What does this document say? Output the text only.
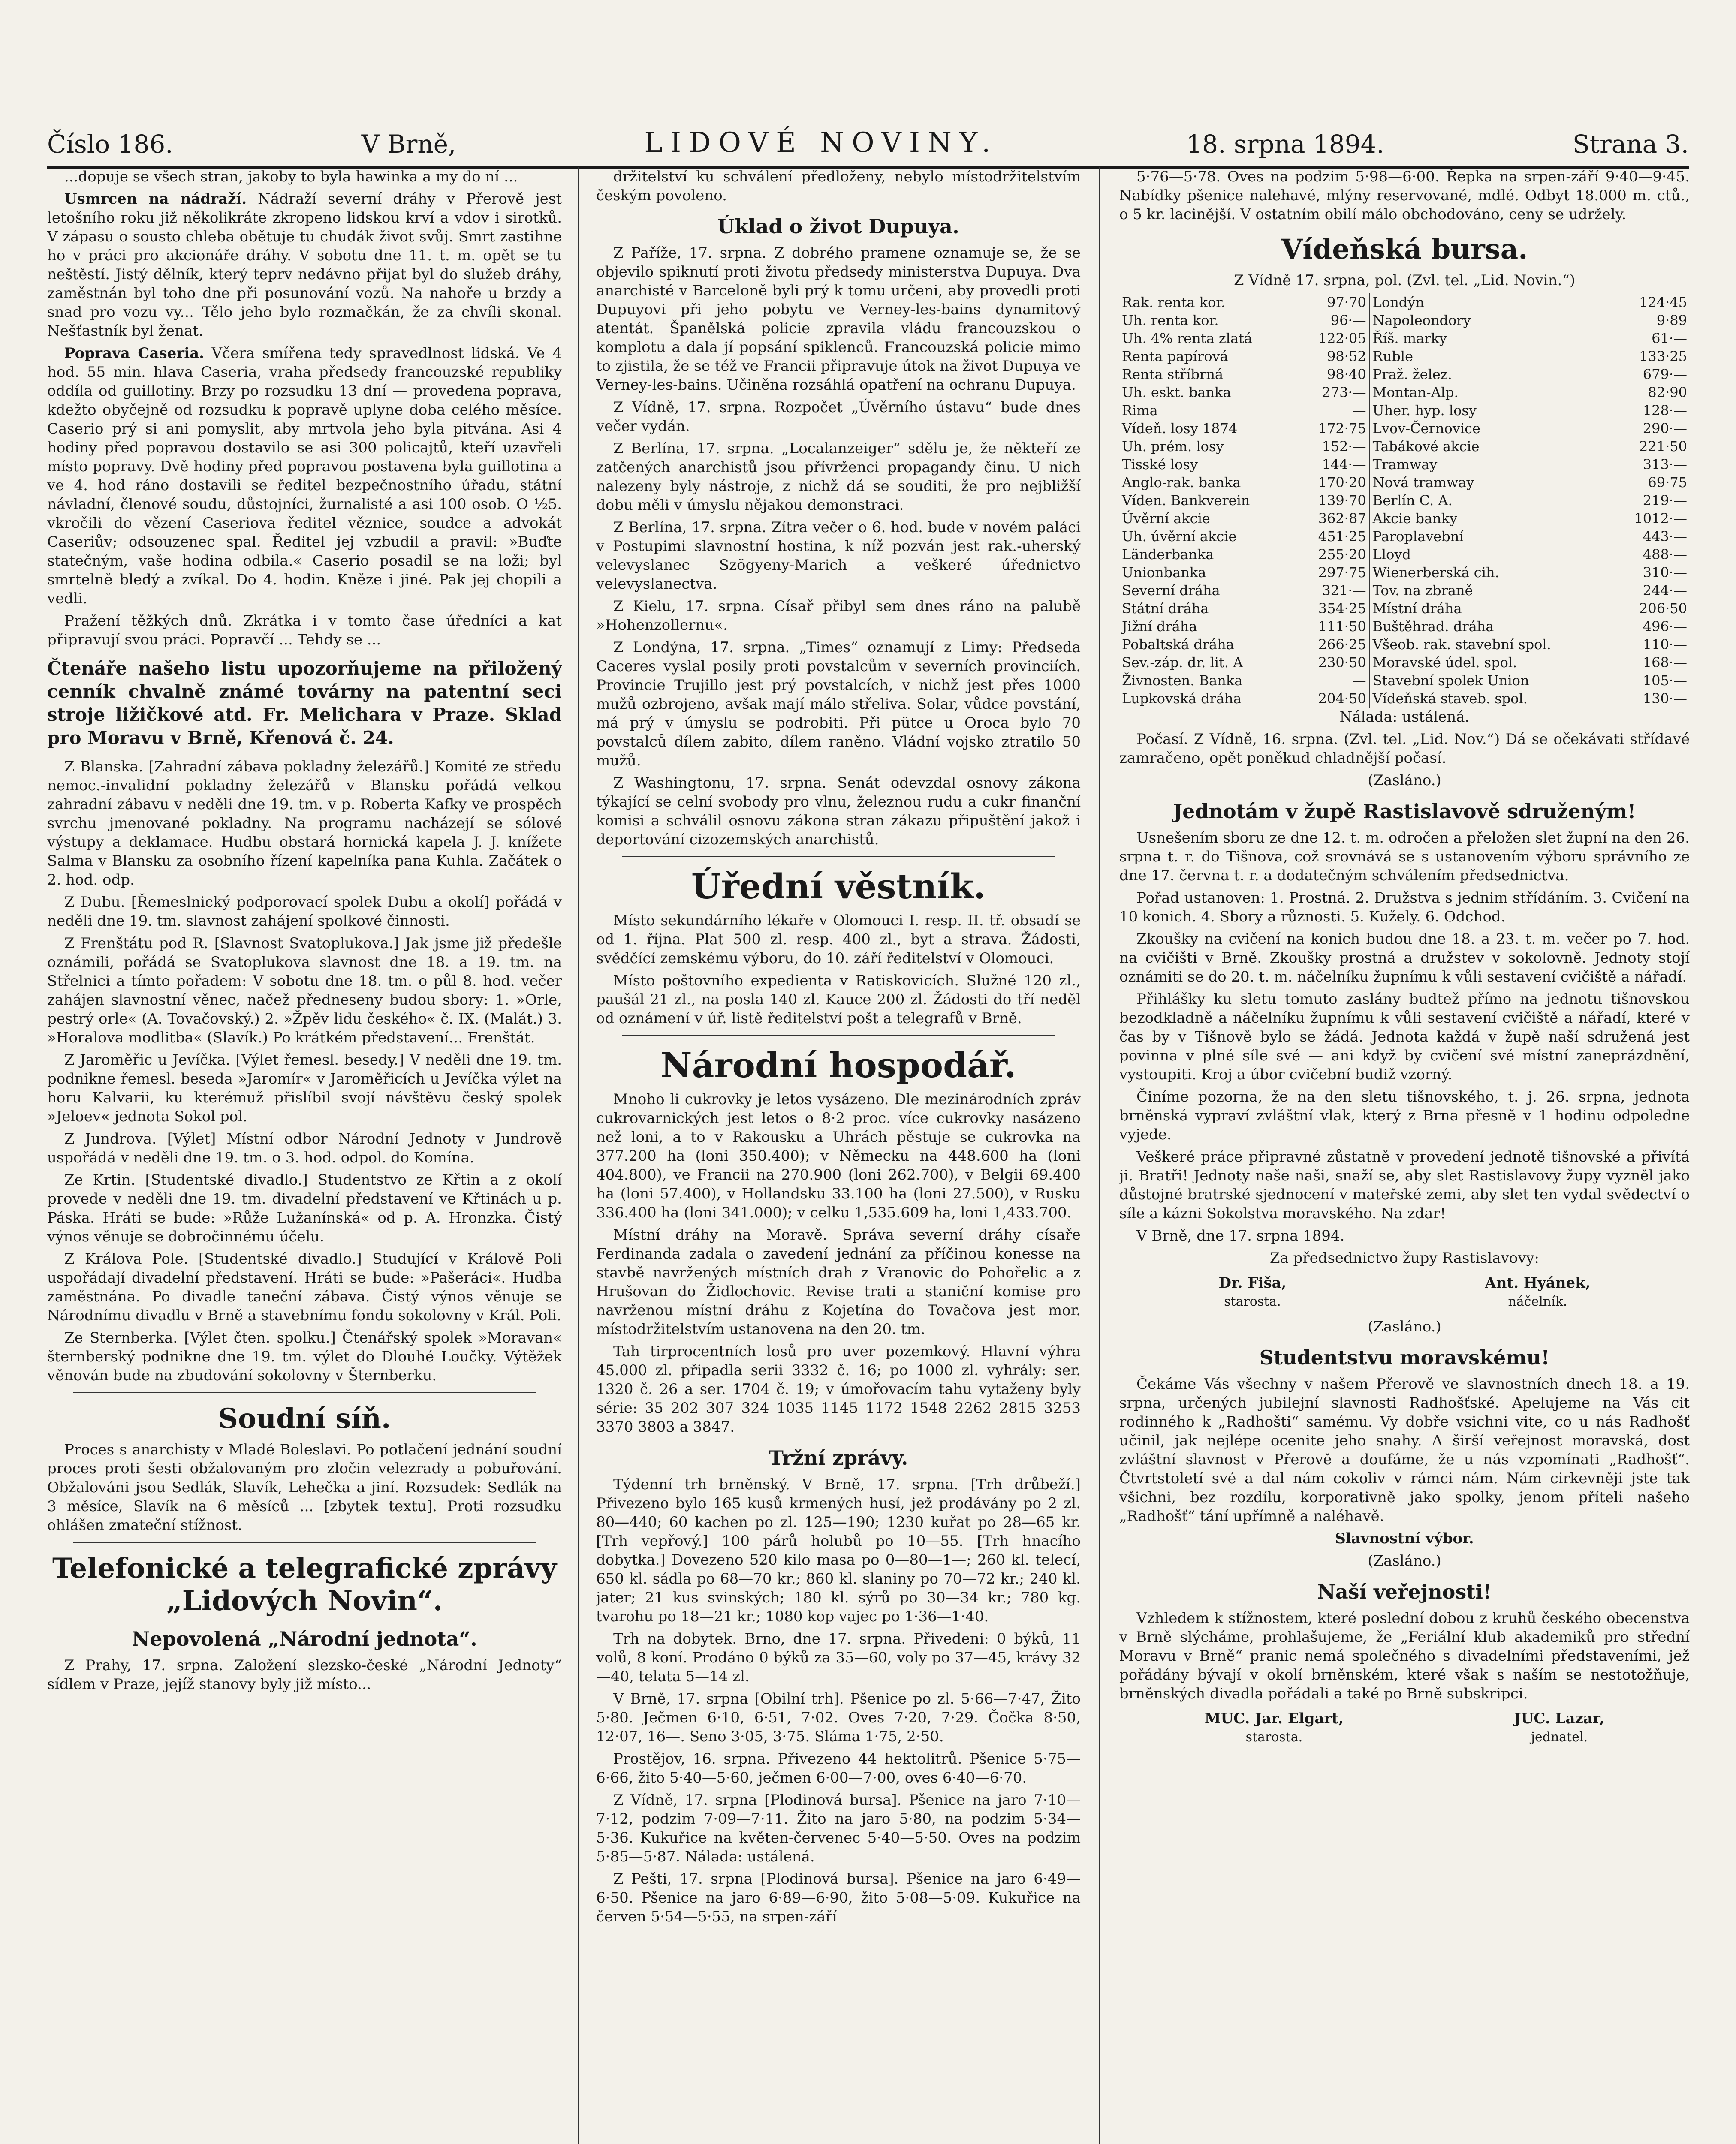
Číslo 186.	V Brně,	LIDOVÉ NOVINY.	18. srpna 1894.	Strana 3.

...dopuje se všech stran, jakoby to byla hawinka a my do ní ...

Usmrcen na nádraží. Nádraží severní dráhy v Přerově jest letošního roku již několikráte zkropeno lidskou krví a vdov i sirotků. V zápasu o sousto chleba obětuje tu chudák život svůj. Smrt zastihne ho v práci pro akcionáře dráhy. V sobotu dne 11. t. m. opět se tu neštěstí. Jistý dělník, který teprv nedávno přijat byl do služeb dráhy, zaměstnán byl toho dne při posunování vozů. Na nahoře u brzdy a snad pro vozu vy... Tělo jeho bylo rozmačkán, že za chvíli skonal. Nešťastník byl ženat.

Poprava Caseria. Včera smířena tedy spravedlnost lidská. Ve 4 hod. 55 min. hlava Caseria, vraha předsedy francouzské republiky oddíla od guillotiny. Brzy po rozsudku 13 dní — provedena poprava, kdežto obyčejně od rozsudku k popravě uplyne doba celého měsíce. Caserio prý si ani pomyslit, aby mrtvola jeho byla pitvána. Asi 4 hodiny před popravou dostavilo se asi 300 policajtů, kteří uzavřeli místo popravy. Dvě hodiny před popravou postavena byla guillotina a ve 4. hod ráno dostavili se ředitel bezpečnostního úřadu, státní návladní, členové soudu, důstojníci, žurnalisté a asi 100 osob. O ½5. vkročili do vězení Caseriova ředitel věznice, soudce a advokát Caseriův; odsouzenec spal. Ředitel jej vzbudil a pravil: »Buďte statečným, vaše hodina odbila.« Caserio posadil se na loži; byl smrtelně bledý a zvíkal. Do 4. hodin. Kněze i jiné. Pak jej chopili a vedli.

Pražení těžkých dnů. Zkrátka i v tomto čase úředníci a kat připravují svou práci. Popravčí ... Tehdy se ...

Čtenáře našeho listu upozorňujeme na přiložený cenník chvalně známé továrny na patentní seci stroje ližičkové atd. Fr. Melichara v Praze. Sklad pro Moravu v Brně, Křenová č. 24.

Z Blanska. [Zahradní zábava pokladny železářů.] Komité ze středu nemoc.-invalidní pokladny železářů v Blansku pořádá velkou zahradní zábavu v neděli dne 19. tm. v p. Roberta Kafky ve prospěch svrchu jmenované pokladny. Na programu nacházejí se sólové výstupy a deklamace. Hudbu obstará hornická kapela J. J. knížete Salma v Blansku za osobního řízení kapelníka pana Kuhla. Začátek o 2. hod. odp.

Z Dubu. [Řemeslnický podporovací spolek Dubu a okolí] pořádá v neděli dne 19. tm. slavnost zahájení spolkové činnosti.

Z Frenštátu pod R. [Slavnost Svatoplukova.] Jak jsme již předešle oznámili, pořádá se Svatoplukova slavnost dne 18. a 19. tm. na Střelnici a tímto pořadem: V sobotu dne 18. tm. o půl 8. hod. večer zahájen slavnostní věnec, načež předneseny budou sbory: 1. »Orle, pestrý orle« (A. Tovačovský.) 2. »Žpěv lidu českého« č. IX. (Malát.) 3. »Horalova modlitba« (Slavík.) Po krátkém představení... Frenštát.

Z Jaroměřic u Jevíčka. [Výlet řemesl. besedy.] V neděli dne 19. tm. podnikne řemesl. beseda »Jaromír« v Jaroměřicích u Jevíčka výlet na horu Kalvarii, ku kterémuž přislíbil svojí návštěvu český spolek »Jeloev« jednota Sokol pol.

Z Jundrova. [Výlet] Místní odbor Národní Jednoty v Jundrově uspořádá v neděli dne 19. tm. o 3. hod. odpol. do Komína.

Ze Krtin. [Studentské divadlo.] Studentstvo ze Křtin a z okolí provede v neděli dne 19. tm. divadelní představení ve Křtinách u p. Páska. Hráti se bude: »Růže Lužanínská« od p. A. Hronzka. Čistý výnos věnuje se dobročinnému účelu.

Z Králova Pole. [Studentské divadlo.] Studující v Králově Poli uspořádají divadelní představení. Hráti se bude: »Pašeráci«. Hudba zaměstnána. Po divadle taneční zábava. Čistý výnos věnuje se Národnímu divadlu v Brně a stavebnímu fondu sokolovny v Král. Poli.

Ze Sternberka. [Výlet čten. spolku.] Čtenářský spolek »Moravan« šternberský podnikne dne 19. tm. výlet do Dlouhé Loučky. Výtěžek věnován bude na zbudování sokolovny v Šternberku.

Soudní síň.

Proces s anarchisty v Mladé Boleslavi. Po potlačení jednání soudní proces proti šesti obžalovaným pro zločin velezrady a pobuřování. Obžalováni jsou Sedlák, Slavík, Lehečka a jiní. Rozsudek: Sedlák na 3 měsíce, Slavík na 6 měsíců ... [zbytek textu]. Proti rozsudku ohlášen zmateční stížnost.

Telefonické a telegrafické zprávy „Lidových Novin“.
Nepovolená „Národní jednota“.

Z Prahy, 17. srpna. Založení slezsko-české „Národní Jednoty“ sídlem v Praze, jejíž stanovy byly již místo...

držitelství ku schválení předloženy, nebylo místodržitelstvím českým povoleno.

Úklad o život Dupuya.

Z Paříže, 17. srpna. Z dobrého pramene oznamuje se, že se objevilo spiknutí proti životu předsedy ministerstva Dupuya. Dva anarchisté v Barceloně byli prý k tomu určeni, aby provedli proti Dupuyovi při jeho pobytu ve Verney-les-bains dynamitový atentát. Španělská policie zpravila vládu francouzskou o komplotu a dala jí popsání spiklenců. Francouzská policie mimo to zjistila, že se též ve Francii připravuje útok na život Dupuya ve Verney-les-bains. Učiněna rozsáhlá opatření na ochranu Dupuya.

Z Vídně, 17. srpna. Rozpočet „Úvěrního ústavu“ bude dnes večer vydán.

Z Berlína, 17. srpna. „Localanzeiger“ sdělu je, že někteří ze zatčených anarchistů jsou přívrženci propagandy činu. U nich nalezeny byly nástroje, z nichž dá se souditi, že pro nejbližší dobu měli v úmyslu nějakou demonstraci.

Z Berlína, 17. srpna. Zítra večer o 6. hod. bude v novém paláci v Postupimi slavnostní hostina, k níž pozván jest rak.-uherský velevyslanec Szögyeny-Marich a veškeré úřednictvo velevyslanectva.

Z Kielu, 17. srpna. Císař přibyl sem dnes ráno na palubě »Hohenzollernu«.

Z Londýna, 17. srpna. „Times“ oznamují z Limy: Předseda Caceres vyslal posily proti povstalcům v severních provinciích. Provincie Trujillo jest prý povstalcích, v nichž jest přes 1000 mužů ozbrojeno, avšak mají málo střeliva. Solar, vůdce povstání, má prý v úmyslu se podrobiti. Při pütce u Oroca bylo 70 povstalců dílem zabito, dílem raněno. Vládní vojsko ztratilo 50 mužů.

Z Washingtonu, 17. srpna. Senát odevzdal osnovy zákona týkající se celní svobody pro vlnu, železnou rudu a cukr finanční komisi a schválil osnovu zákona stran zákazu připuštění jakož i deportování cizozemských anarchistů.

Úřední věstník.

Místo sekundárního lékaře v Olomouci I. resp. II. tř. obsadí se od 1. října. Plat 500 zl. resp. 400 zl., byt a strava. Žádosti, svědčící zemskému výboru, do 10. září ředitelství v Olomouci.

Místo poštovního expedienta v Ratiskovicích. Služné 120 zl., paušál 21 zl., na posla 140 zl. Kauce 200 zl. Žádosti do tří neděl od oznámení v úř. listě ředitelství pošt a telegrafů v Brně.

Národní hospodář.

Mnoho li cukrovky je letos vysázeno. Dle mezinárodních zpráv cukrovarnických jest letos o 8·2 proc. více cukrovky nasázeno než loni, a to v Rakousku a Uhrách pěstuje se cukrovka na 377.200 ha (loni 350.400); v Německu na 448.600 ha (loni 404.800), ve Francii na 270.900 (loni 262.700), v Belgii 69.400 ha (loni 57.400), v Hollandsku 33.100 ha (loni 27.500), v Rusku 336.400 ha (loni 341.000); v celku 1,535.609 ha, loni 1,433.700.

Místní dráhy na Moravě. Správa severní dráhy císaře Ferdinanda zadala o zavedení jednání za příčinou konesse na stavbě navržených místních drah z Vranovic do Pohořelic a z Hrušovan do Židlochovic. Revise trati a staniční komise pro navrženou místní dráhu z Kojetína do Tovačova jest mor. místodržitelstvím ustanovena na den 20. tm.

Tah tirprocentních losů pro uver pozemkový. Hlavní výhra 45.000 zl. připadla serii 3332 č. 16; po 1000 zl. vyhrály: ser. 1320 č. 26 a ser. 1704 č. 19; v úmořovacím tahu vytaženy byly série: 35 202 307 324 1035 1145 1172 1548 2262 2815 3253 3370 3803 a 3847.

Tržní zprávy.

Týdenní trh brněnský. V Brně, 17. srpna. [Trh drůbeží.] Přivezeno bylo 165 kusů krmených husí, jež prodávány po 2 zl. 80—440; 60 kachen po zl. 125—190; 1230 kuřat po 28—65 kr. [Trh vepřový.] 100 párů holubů po 10—55. [Trh hnacího dobytka.] Dovezeno 520 kilo masa po 0—80—1—; 260 kl. telecí, 650 kl. sádla po 68—70 kr.; 860 kl. slaniny po 70—72 kr.; 240 kl. jater; 21 kus svinských; 180 kl. sýrů po 30—34 kr.; 780 kg. tvarohu po 18—21 kr.; 1080 kop vajec po 1·36—1·40.

Trh na dobytek. Brno, dne 17. srpna. Přivedeni: 0 býků, 11 volů, 8 koní. Prodáno 0 býků za 35—60, voly po 37—45, krávy 32—40, telata 5—14 zl.

V Brně, 17. srpna [Obilní trh]. Pšenice po zl. 5·66—7·47, Žito 5·80. Ječmen 6·10, 6·51, 7·02. Oves 7·20, 7·29. Čočka 8·50, 12·07, 16—. Seno 3·05, 3·75. Sláma 1·75, 2·50.

Prostějov, 16. srpna. Přivezeno 44 hektolitrů. Pšenice 5·75—6·66, žito 5·40—5·60, ječmen 6·00—7·00, oves 6·40—6·70.

Z Vídně, 17. srpna [Plodinová bursa]. Pšenice na jaro 7·10—7·12, podzim 7·09—7·11. Žito na jaro 5·80, na podzim 5·34—5·36. Kukuřice na květen-červenec 5·40—5·50. Oves na podzim 5·85—5·87. Nálada: ustálená.

Z Pešti, 17. srpna [Plodinová bursa]. Pšenice na jaro 6·49—6·50. Pšenice na jaro 6·89—6·90, žito 5·08—5·09. Kukuřice na červen 5·54—5·55, na srpen-září

5·76—5·78. Oves na podzim 5·98—6·00. Řepka na srpen-září 9·40—9·45. Nabídky pšenice nalehavé, mlýny reservované, mdlé. Odbyt 18.000 m. ctů., o 5 kr. lacinější. V ostatním obilí málo obchodováno, ceny se udržely.

Vídeňská bursa.

Z Vídně 17. srpna, pol. (Zvl. tel. „Lid. Novin.“)

Rak. renta kor.	97·70	Londýn	124·45
Uh. renta kor.	96·—	Napoleondory	9·89
Uh. 4% renta zlatá	122·05	Říš. marky	61·—
Renta papírová	98·52	Ruble	133·25
Renta stříbrná	98·40	Praž. želez.	679·—
Uh. eskt. banka	273·—	Montan-Alp.	82·90
Rima	—	Uher. hyp. losy	128·—
Vídeň. losy 1874	172·75	Lvov-Černovice	290·—
Uh. prém. losy	152·—	Tabákové akcie	221·50
Tisské losy	144·—	Tramway	313·—
Anglo-rak. banka	170·20	Nová tramway	69·75
Víden. Bankverein	139·70	Berlín C. A.	219·—
Úvěrní akcie	362·87	Akcie banky	1012·—
Uh. úvěrní akcie	451·25	Paroplavební	443·—
Länderbanka	255·20	Lloyd	488·—
Unionbanka	297·75	Wienerberská cih.	310·—
Severní dráha	321·—	Tov. na zbraně	244·—
Státní dráha	354·25	Místní dráha	206·50
Jižní dráha	111·50	Buštěhrad. dráha	496·—
Pobaltská dráha	266·25	Všeob. rak. stavební spol.	110·—
Sev.-záp. dr. lit. A	230·50	Moravské údel. spol.	168·—
Živnosten. Banka	—	Stavební spolek Union	105·—
Lupkovská dráha	204·50	Vídeňská staveb. spol.	130·—

Nálada: ustálená.

Počasí. Z Vídně, 16. srpna. (Zvl. tel. „Lid. Nov.“) Dá se očekávati střídavé zamračeno, opět poněkud chladnější počasí.

(Zasláno.)

Jednotám v župě Rastislavově sdruženým!

Usnešením sboru ze dne 12. t. m. odročen a přeložen slet župní na den 26. srpna t. r. do Tišnova, což srovnává se s ustanovením výboru správního ze dne 17. června t. r. a dodatečným schválením předsednictva.

Pořad ustanoven: 1. Prostná. 2. Družstva s jednim střídáním. 3. Cvičení na 10 konich. 4. Sbory a různosti. 5. Kužely. 6. Odchod.

Zkoušky na cvičení na konich budou dne 18. a 23. t. m. večer po 7. hod. na cvičišti v Brně. Zkoušky prostná a družstev v sokolovně. Jednoty stojí oznámiti se do 20. t. m. náčelníku župnímu k vůli sestavení cvičiště a nářadí.

Přihlášky ku sletu tomuto zaslány budtež přímo na jednotu tišnovskou bezodkladně a náčelníku župnímu k vůli sestavení cvičiště a nářadí, které v čas by v Tišnově bylo se žádá. Jednota každá v župě naší sdružená jest povinna v plné síle své — ani když by cvičení své místní zaneprázdnění, vystoupiti. Kroj a úbor cvičební budiž vzorný.

Činíme pozorna, že na den sletu tišnovského, t. j. 26. srpna, jednota brněnská vypraví zvláštní vlak, který z Brna přesně v 1 hodinu odpoledne vyjede.

Veškeré práce připravné zůstatně v provedení jednotě tišnovské a přivítá ji. Bratři! Jednoty naše naši, snaží se, aby slet Rastislavovy župy vyzněl jako důstojné bratrské sjednocení v mateřské zemi, aby slet ten vydal svědectví o síle a kázni Sokolstva moravského. Na zdar!

V Brně, dne 17. srpna 1894.

Za předsednictvo župy Rastislavovy:

Dr. Fiša,
starosta.
Ant. Hyánek,
náčelník.

(Zasláno.)

Studentstvu moravskému!

Čekáme Vás všechny v našem Přerově ve slavnostních dnech 18. a 19. srpna, určených jubilejní slavnosti Radhošťské. Apelujeme na Vás cit rodinného k „Radhošti“ samému. Vy dobře vsichni vite, co u nás Radhošť učinil, jak nejlépe ocenite jeho snahy. A širší veřejnost moravská, dost zvláštní slavnost v Přerově a doufáme, že u nás vzpomínati „Radhošť“. Čtvrtstoletí své a dal nám cokoliv v rámci nám. Nám cirkevněji jste tak všichni, bez rozdílu, korporativně jako spolky, jenom příteli našeho „Radhošť“ tání upřímně a naléhavě.

Slavnostní výbor.

(Zasláno.)

Naší veřejnosti!

Vzhledem k stížnostem, které poslední dobou z kruhů českého obecenstva v Brně slýcháme, prohlašujeme, že „Feriální klub akademiků pro střední Moravu v Brně“ pranic nemá společného s divadelními představeními, jež pořádány bývají v okolí brněnském, které však s naším se nestotožňuje, brněnských divadla pořádali a také po Brně subskripci.

MUC. Jar. Elgart,
starosta.
JUC. Lazar,
jednatel.
